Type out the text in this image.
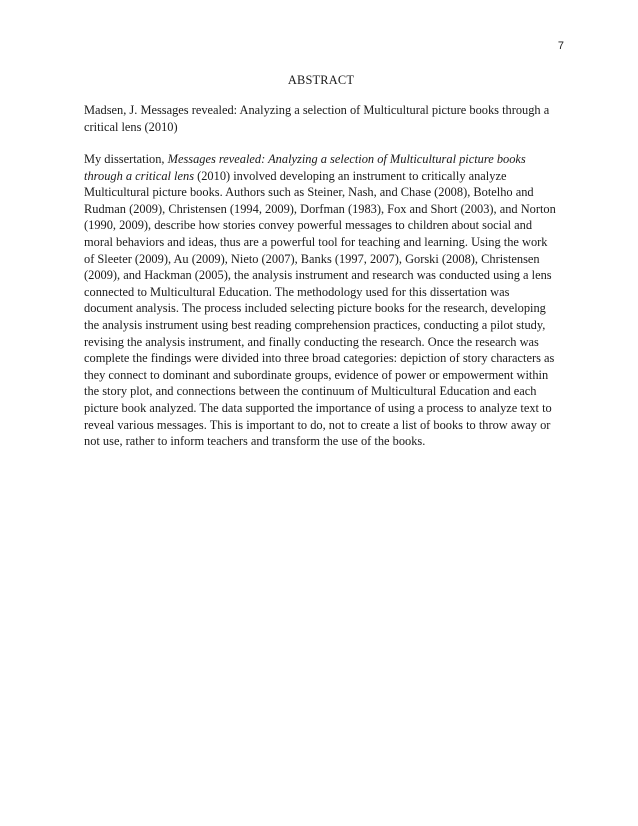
7
ABSTRACT
Madsen, J. Messages revealed: Analyzing a selection of Multicultural picture books through a critical lens (2010)
My dissertation, Messages revealed: Analyzing a selection of Multicultural picture books through a critical lens (2010) involved developing an instrument to critically analyze Multicultural picture books. Authors such as Steiner, Nash, and Chase (2008), Botelho and Rudman (2009), Christensen (1994, 2009), Dorfman (1983), Fox and Short (2003), and Norton (1990, 2009), describe how stories convey powerful messages to children about social and moral behaviors and ideas, thus are a powerful tool for teaching and learning. Using the work of Sleeter (2009), Au (2009), Nieto (2007), Banks (1997, 2007), Gorski (2008), Christensen (2009), and Hackman (2005), the analysis instrument and research was conducted using a lens connected to Multicultural Education. The methodology used for this dissertation was document analysis. The process included selecting picture books for the research, developing the analysis instrument using best reading comprehension practices, conducting a pilot study, revising the analysis instrument, and finally conducting the research. Once the research was complete the findings were divided into three broad categories: depiction of story characters as they connect to dominant and subordinate groups, evidence of power or empowerment within the story plot, and connections between the continuum of Multicultural Education and each picture book analyzed. The data supported the importance of using a process to analyze text to reveal various messages. This is important to do, not to create a list of books to throw away or not use, rather to inform teachers and transform the use of the books.
